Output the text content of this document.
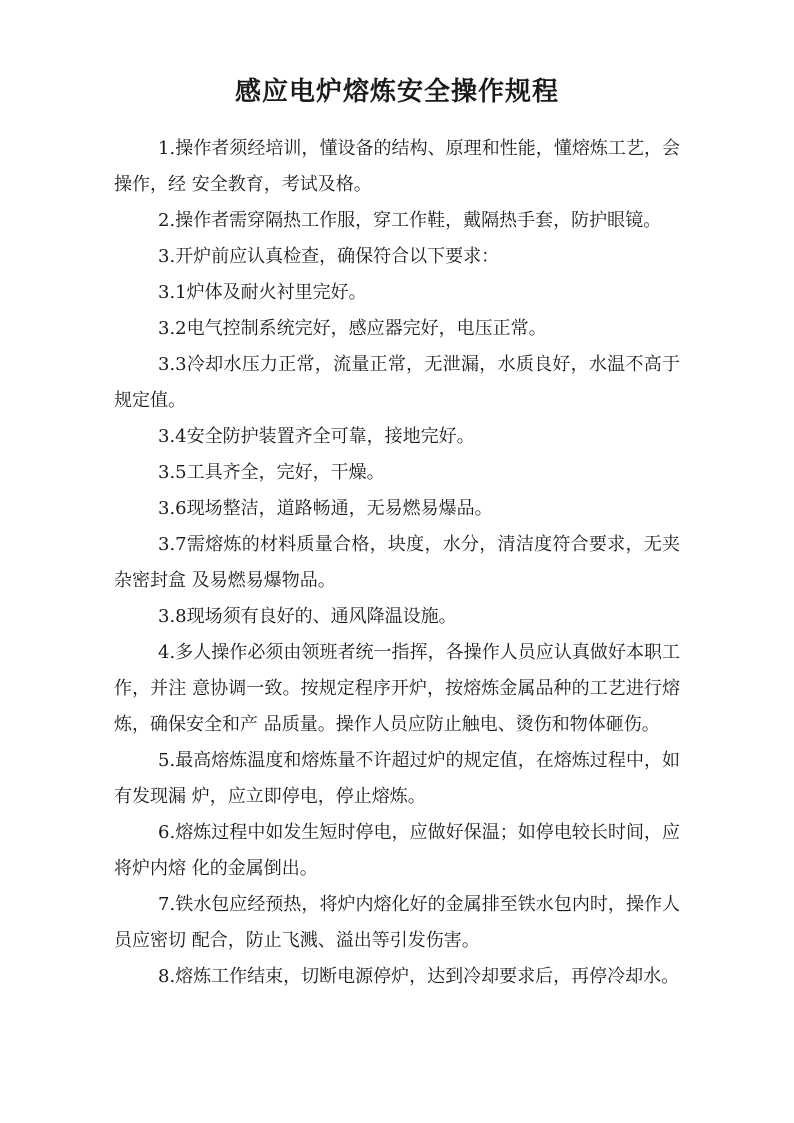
感应电炉熔炼安全操作规程

1.操作者须经培训，懂设备的结构、原理和性能，懂熔炼工艺，会操作，经 安全教育，考试及格。

2.操作者需穿隔热工作服，穿工作鞋，戴隔热手套，防护眼镜。

3.开炉前应认真检查，确保符合以下要求：

3.1炉体及耐火衬里完好。

3.2电气控制系统完好，感应器完好，电压正常。

3.3冷却水压力正常，流量正常，无泄漏，水质良好，水温不高于规定值。

3.4安全防护装置齐全可靠，接地完好。

3.5工具齐全，完好，干燥。

3.6现场整洁，道路畅通，无易燃易爆品。

3.7需熔炼的材料质量合格，块度，水分，清洁度符合要求，无夹杂密封盒 及易燃易爆物品。

3.8现场须有良好的、通风降温设施。

4.多人操作必须由领班者统一指挥，各操作人员应认真做好本职工作，并注 意协调一致。按规定程序开炉，按熔炼金属品种的工艺进行熔炼，确保安全和产 品质量。操作人员应防止触电、烫伤和物体砸伤。

5.最高熔炼温度和熔炼量不许超过炉的规定值，在熔炼过程中，如有发现漏 炉，应立即停电，停止熔炼。

6.熔炼过程中如发生短时停电，应做好保温；如停电较长时间，应将炉内熔 化的金属倒出。

7.铁水包应经预热，将炉内熔化好的金属排至铁水包内时，操作人员应密切 配合，防止飞溅、溢出等引发伤害。

8.熔炼工作结束，切断电源停炉，达到冷却要求后，再停冷却水。
